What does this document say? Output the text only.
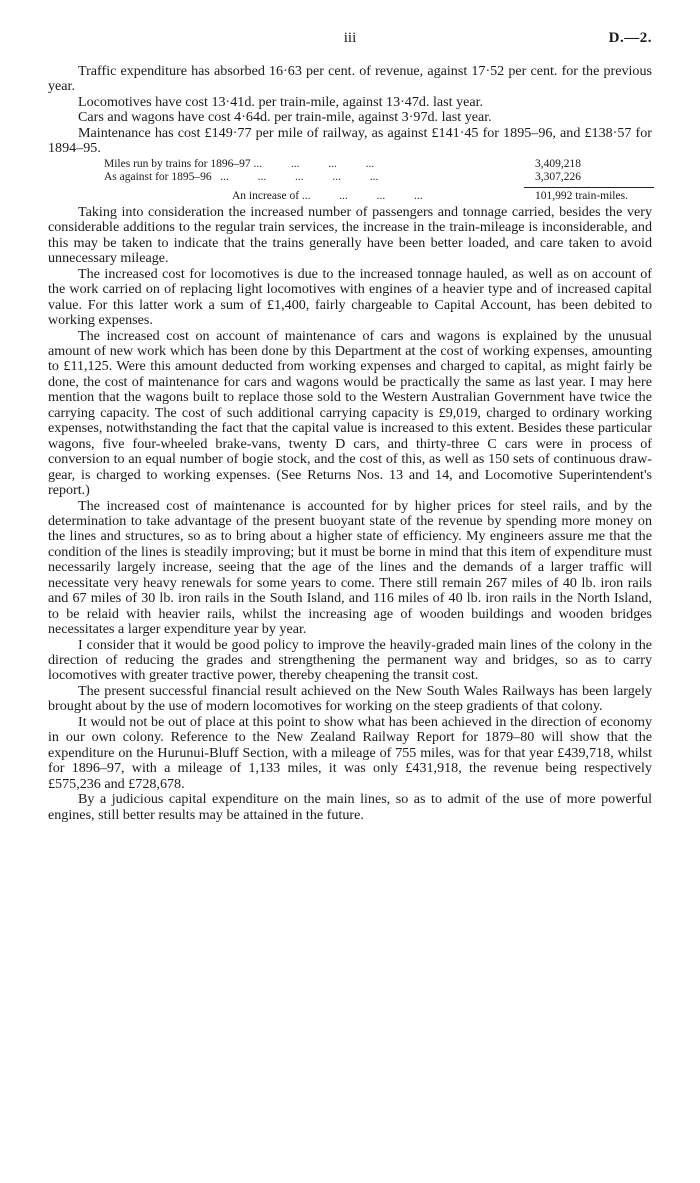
iii	D.—2.

Traffic expenditure has absorbed 16·63 per cent. of revenue, against 17·52 per cent. for the previous year.

Locomotives have cost 13·41d. per train-mile, against 13·47d. last year.

Cars and wagons have cost 4·64d. per train-mile, against 3·97d. last year.

Maintenance has cost £149·77 per mile of railway, as against £141·45 for 1895–96, and £138·57 for 1894–95.

Miles run by trains for 1896–97 ...          ...          ...          ...	3,409,218
As against for 1895–96   ...          ...          ...          ...          ...	3,307,226
An increase of ...          ...          ...          ...	101,992 train-miles.

Taking into consideration the increased number of passengers and tonnage carried, besides the very considerable additions to the regular train services, the increase in the train-mileage is inconsiderable, and this may be taken to indicate that the trains generally have been better loaded, and care taken to avoid unnecessary mileage.

The increased cost for locomotives is due to the increased tonnage hauled, as well as on account of the work carried on of replacing light locomotives with engines of a heavier type and of increased capital value. For this latter work a sum of £1,400, fairly chargeable to Capital Account, has been debited to working expenses.

The increased cost on account of maintenance of cars and wagons is explained by the unusual amount of new work which has been done by this Department at the cost of working expenses, amounting to £11,125. Were this amount deducted from working expenses and charged to capital, as might fairly be done, the cost of maintenance for cars and wagons would be practically the same as last year. I may here mention that the wagons built to replace those sold to the Western Australian Government have twice the carrying capacity. The cost of such additional carrying capacity is £9,019, charged to ordinary working expenses, notwithstanding the fact that the capital value is increased to this extent. Besides these particular wagons, five four-wheeled brake-vans, twenty D cars, and thirty-three C cars were in process of conversion to an equal number of bogie stock, and the cost of this, as well as 150 sets of continuous draw-gear, is charged to working expenses. (See Returns Nos. 13 and 14, and Locomotive Superintendent's report.)

The increased cost of maintenance is accounted for by higher prices for steel rails, and by the determination to take advantage of the present buoyant state of the revenue by spending more money on the lines and structures, so as to bring about a higher state of efficiency. My engineers assure me that the condition of the lines is steadily improving; but it must be borne in mind that this item of expenditure must necessarily largely increase, seeing that the age of the lines and the demands of a larger traffic will necessitate very heavy renewals for some years to come. There still remain 267 miles of 40 lb. iron rails and 67 miles of 30 lb. iron rails in the South Island, and 116 miles of 40 lb. iron rails in the North Island, to be relaid with heavier rails, whilst the increasing age of wooden buildings and wooden bridges necessitates a larger expenditure year by year.

I consider that it would be good policy to improve the heavily-graded main lines of the colony in the direction of reducing the grades and strengthening the permanent way and bridges, so as to carry locomotives with greater tractive power, thereby cheapening the transit cost.

The present successful financial result achieved on the New South Wales Railways has been largely brought about by the use of modern locomotives for working on the steep gradients of that colony.

It would not be out of place at this point to show what has been achieved in the direction of economy in our own colony. Reference to the New Zealand Railway Report for 1879–80 will show that the expenditure on the Hurunui-Bluff Section, with a mileage of 755 miles, was for that year £439,718, whilst for 1896–97, with a mileage of 1,133 miles, it was only £431,918, the revenue being respectively £575,236 and £728,678.

By a judicious capital expenditure on the main lines, so as to admit of the use of more powerful engines, still better results may be attained in the future.
